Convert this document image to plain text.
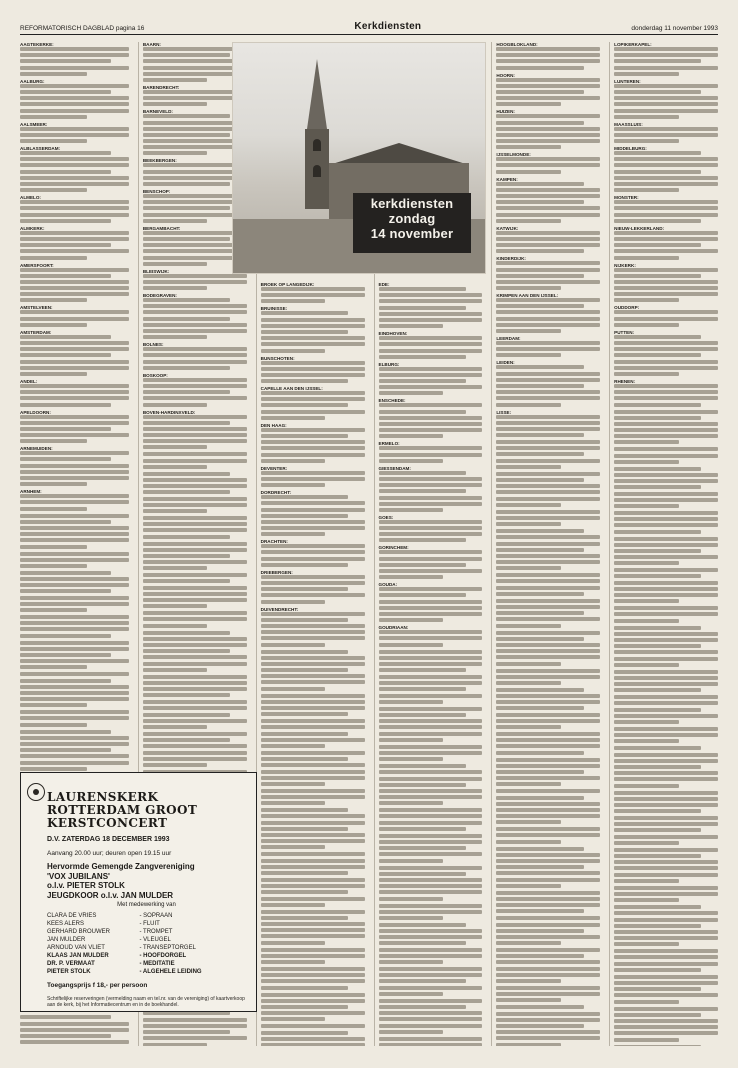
REFORMATORISCH DAGBLAD pagina 16	Kerkdiensten	donderdag 11 november 1993
AAGTEKERKE:
AALBURG:
AALSMEER:
ALBLASSERDAM:
ALMELO:
ALMKERK:
AMERSFOORT:
AMSTELVEEN:
AMSTERDAM:
ANDEL:
APELDOORN:
ARNEMUIDEN:
ARNHEM:
BAARN:
BARENDRECHT:
BARNEVELD:
BEEKBERGEN:
BENSCHOP:
BERGAMBACHT:
BLEISWIJK:
BODEGRAVEN:
BOLNES:
BOSKOOP:
BOVEN-HARDINXVELD:
BROEK OP LANGEDIJK:
BRUINISSE:
BUNSCHOTEN:
CAPELLE AAN DEN IJSSEL:
DEN HAAG:
DEVENTER:
DORDRECHT:
DRACHTEN:
DRIEBERGEN:
DUIVENDRECHT:
EDE:
EINDHOVEN:
ELBURG:
ENSCHEDE:
ERMELO:
GIESSENDAM:
GOES:
GORINCHEM:
GOUDA:
GOUDRIAAN:
HOOGBLOKLAND:
HOORN:
HUIZEN:
IJSSELMONDE:
KAMPEN:
KATWIJK:
KINDERDIJK:
KRIMPEN AAN DEN IJSSEL:
LEERDAM:
LEIDEN:
LISSE:
LOPIKERKAPEL:
LUNTEREN:
MAASSLUIS:
MIDDELBURG:
MONSTER:
NIEUW-LEKKERLAND:
NIJKERK:
OUDDORP:
PUTTEN:
RHENEN:
kerkdiensten
zondag
14 november
LAURENSKERK ROTTERDAM GROOT KERSTCONCERT
D.V. ZATERDAG 18 DECEMBER 1993
Aanvang 20.00 uur; deuren open 19.15 uur
Hervormde Gemengde Zangvereniging
'VOX JUBILANS'
o.l.v. PIETER STOLK
JEUGDKOOR o.l.v. JAN MULDER
Met medewerking van
CLARA DE VRIES	- SOPRAAN
KEES ALERS	- FLUIT
GERHARD BROUWER	- TROMPET
JAN MULDER	- VLEUGEL
ARNOUD VAN VLIET	- TRANSEPTORGEL
KLAAS JAN MULDER	- HOOFDORGEL
DR. P. VERMAAT	- MEDITATIE
PIETER STOLK	- ALGEHELE LEIDING
Toegangsprijs f 18,- per persoon
Schriftelijke reserveringen (vermelding naam en tel.nr. van de vereniging) of kaartverkoop aan de kerk, bij het Informatiecentrum en in de boekhandel.
